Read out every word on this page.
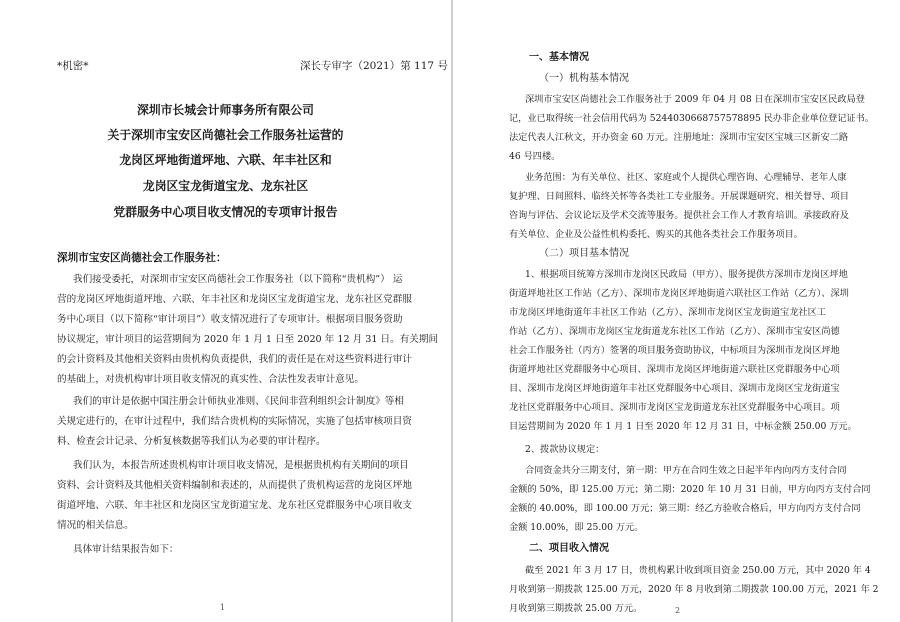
*机密*	深长专审字（2021）第 117 号
深圳市长城会计师事务所有限公司
关于深圳市宝安区尚德社会工作服务社运营的
龙岗区坪地街道坪地、六联、年丰社区和
龙岗区宝龙街道宝龙、龙东社区
党群服务中心项目收支情况的专项审计报告
深圳市宝安区尚德社会工作服务社：
我们接受委托，对深圳市宝安区尚德社会工作服务社（以下简称“贵机构”） 运
营的龙岗区坪地街道坪地、六联、年丰社区和龙岗区宝龙街道宝龙、龙东社区党群服
务中心项目（以下简称“审计项目”）收支情况进行了专项审计。根据项目服务资助
协议规定，审计项目的运营期间为 2020 年 1 月 1 日至 2020 年 12 月 31 日。有关期间
的会计资料及其他相关资料由贵机构负责提供，我们的责任是在对这些资料进行审计
的基础上，对贵机构审计项目收支情况的真实性、合法性发表审计意见。
我们的审计是依据中国注册会计师执业准则、《民间非营利组织会计制度》等相
关规定进行的，在审计过程中，我们结合贵机构的实际情况，实施了包括审核项目资
料、检查会计记录、分析复核数据等我们认为必要的审计程序。
我们认为，本报告所述贵机构审计项目收支情况，是根据贵机构有关期间的项目
资料、会计资料及其他相关资料编制和表述的，从而提供了贵机构运营的龙岗区坪地
街道坪地、六联、年丰社区和龙岗区宝龙街道宝龙、龙东社区党群服务中心项目收支
情况的相关信息。
具体审计结果报告如下：
1
一、基本情况
（一）机构基本情况
深圳市宝安区尚德社会工作服务社于 2009 年 04 月 08 日在深圳市宝安区民政局登
记，业已取得统一社会信用代码为 52440306687575788​95 民办非企业单位登记证书。
法定代表人江秋文，开办资金 60 万元。注册地址：深圳市宝安区宝城三区新安二路
46 号四楼。
业务范围：为有关单位、社区、家庭或个人提供心理咨询、心理辅导、老年人康
复护理、日间照料、临终关怀等各类社工专业服务。开展课题研究、相关督导、项目
咨询与评估、会议论坛及学术交流等服务。提供社会工作人才教育培训。承接政府及
有关单位、企业及公益性机构委托、购买的其他各类社会工作服务项目。
（二）项目基本情况
1、根据项目统筹方深圳市龙岗区民政局（甲方）、服务提供方深圳市龙岗区坪地
街道坪地社区工作站（乙方）、深圳市龙岗区坪地街道六联社区工作站（乙方）、深圳
市龙岗区坪地街道年丰社区工作站（乙方）、深圳市龙岗区宝龙街道宝龙社区工
作站（乙方）、深圳市龙岗区宝龙街道龙东社区工作站（乙方）、深圳市宝安区尚德
社会工作服务社（丙方）签署的项目服务资助协议，中标项目为深圳市龙岗区坪地
街道坪地社区党群服务中心项目、深圳市龙岗区坪地街道六联社区党群服务中心项
目、深圳市龙岗区坪地街道年丰社区党群服务中心项目、深圳市龙岗区宝龙街道宝
龙社区党群服务中心项目、深圳市龙岗区宝龙街道龙东社区党群服务中心项目。项
目运营期间为 2020 年 1 月 1 日至 2020 年 12 月 31 日，中标金额 250.00 万元。
2、拨款协议规定：
合同资金共分三期支付，第一期：甲方在合同生效之日起半年内向丙方支付合同
金额的 50%，即 125.00 万元；第二期：2020 年 10 月 31 日前，甲方向丙方支付合同
金额的 40.00%，即 100.00 万元；第三期：经乙方验收合格后，甲方向丙方支付合同
金额 10.00%，即 25.00 万元。
二、项目收入情况
截至 2021 年 3 月 17 日，贵机构累计收到项目资金 250.00 万元，其中 2020 年 4
月收到第一期拨款 125.00 万元，2020 年 8 月收到第二期拨款 100.00 万元，2021 年 2
月收到第三期拨款 25.00 万元。	2
